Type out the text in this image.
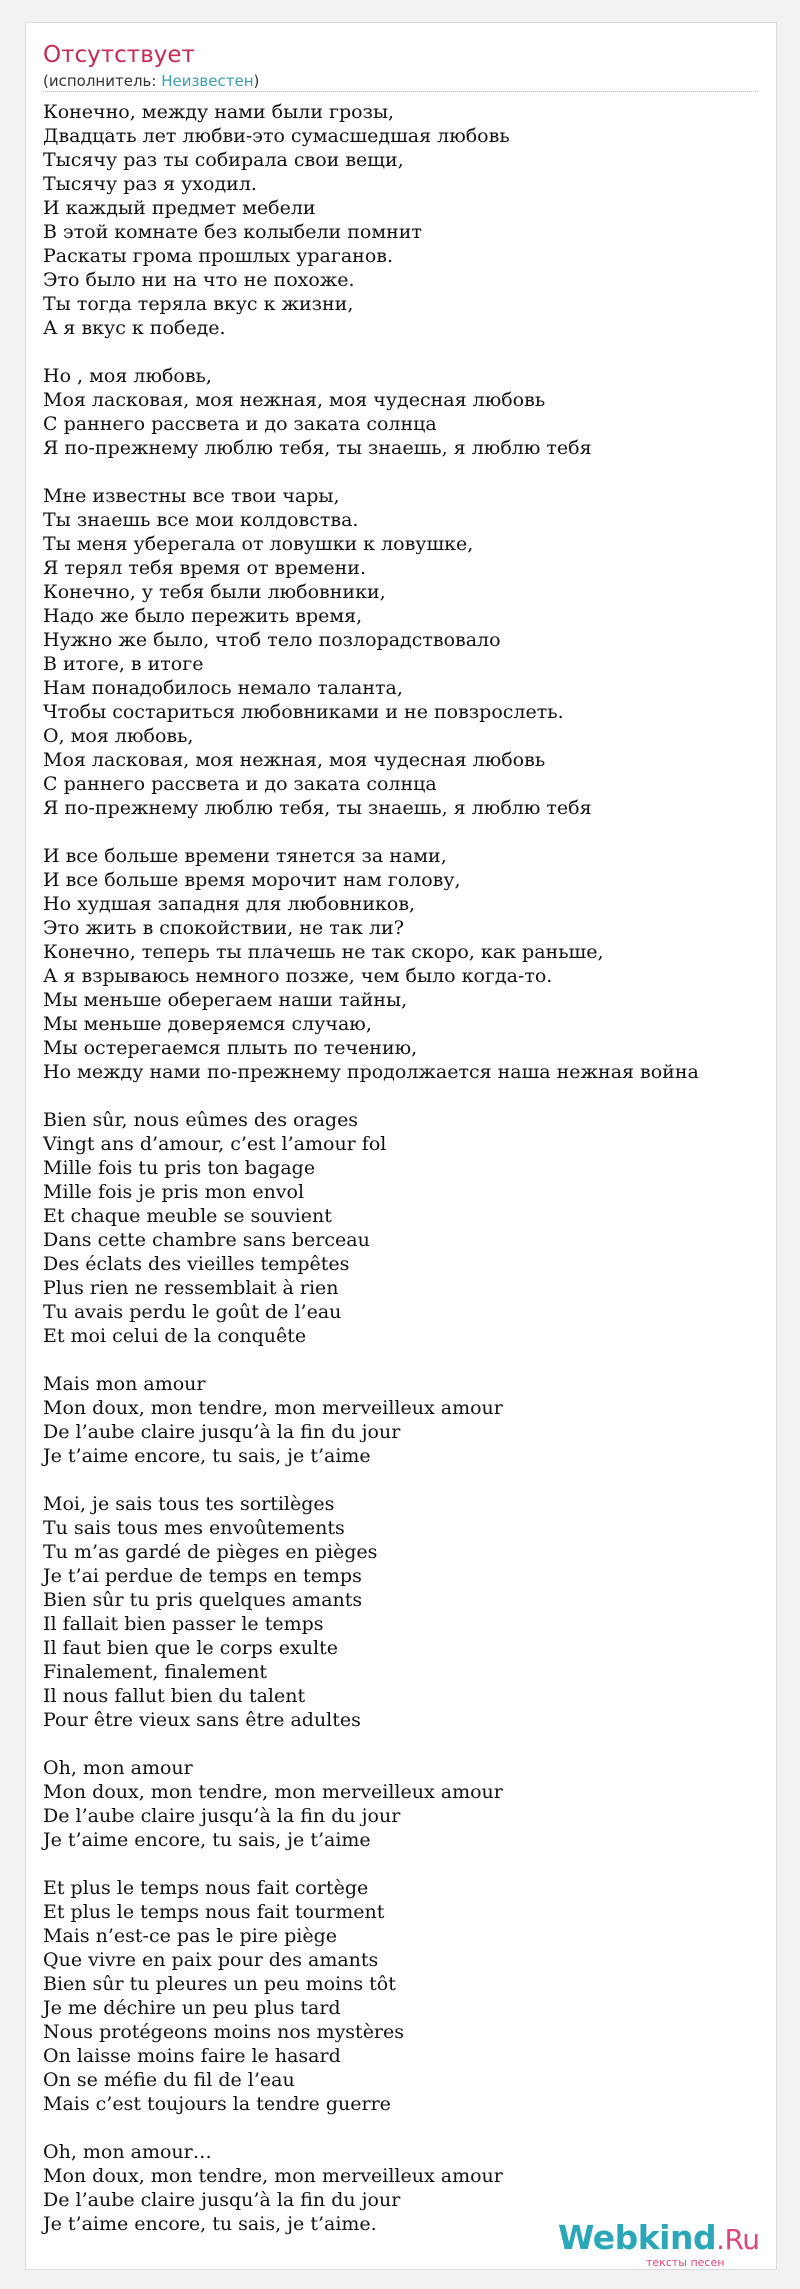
Отсутствует
(исполнитель: Неизвестен)
Конечно, между нами были грозы,
Двадцать лет любви-это сумасшедшая любовь
Тысячу раз ты собирала свои вещи,
Тысячу раз я уходил.
И каждый предмет мебели
В этой комнате без колыбели помнит
Раскаты грома прошлых ураганов.
Это было ни на что не похоже.
Ты тогда теряла вкус к жизни,
А я вкус к победе.
Но , моя любовь,
Моя ласковая, моя нежная, моя чудесная любовь
С раннего рассвета и до заката солнца
Я по-прежнему люблю тебя, ты знаешь, я люблю тебя
Мне известны все твои чары,
Ты знаешь все мои колдовства.
Ты меня уберегала от ловушки к ловушке,
Я терял тебя время от времени.
Конечно, у тебя были любовники,
Надо же было пережить время,
Нужно же было, чтоб тело позлорадствовало
В итоге, в итоге
Нам понадобилось немало таланта,
Чтобы состариться любовниками и не повзрослеть.
О, моя любовь,
Моя ласковая, моя нежная, моя чудесная любовь
С раннего рассвета и до заката солнца
Я по-прежнему люблю тебя, ты знаешь, я люблю тебя
И все больше времени тянется за нами,
И все больше время морочит нам голову,
Но худшая западня для любовников,
Это жить в спокойствии, не так ли?
Конечно, теперь ты плачешь не так скоро, как раньше,
А я взрываюсь немного позже, чем было когда-то.
Мы меньше оберегаем наши тайны,
Мы меньше доверяемся случаю,
Мы остерегаемся плыть по течению,
Но между нами по-прежнему продолжается наша нежная война
Bien sûr, nous eûmes des orages
Vingt ans d’amour, c’est l’amour fol
Mille fois tu pris ton bagage
Mille fois je pris mon envol
Et chaque meuble se souvient
Dans cette chambre sans berceau
Des éclats des vieilles tempêtes
Plus rien ne ressemblait à rien
Tu avais perdu le goût de l’eau
Et moi celui de la conquête
Mais mon amour
Mon doux, mon tendre, mon merveilleux amour
De l’aube claire jusqu’à la fin du jour
Je t’aime encore, tu sais, je t’aime
Moi, je sais tous tes sortilèges
Tu sais tous mes envoûtements
Tu m’as gardé de pièges en pièges
Je t’ai perdue de temps en temps
Bien sûr tu pris quelques amants
Il fallait bien passer le temps
Il faut bien que le corps exulte
Finalement, finalement
Il nous fallut bien du talent
Pour être vieux sans être adultes
Oh, mon amour
Mon doux, mon tendre, mon merveilleux amour
De l’aube claire jusqu’à la fin du jour
Je t’aime encore, tu sais, je t’aime
Et plus le temps nous fait cortège
Et plus le temps nous fait tourment
Mais n’est-ce pas le pire piège
Que vivre en paix pour des amants
Bien sûr tu pleures un peu moins tôt
Je me déchire un peu plus tard
Nous protégeons moins nos mystères
On laisse moins faire le hasard
On se méfie du fil de l’eau
Mais c’est toujours la tendre guerre
Oh, mon amour…
Mon doux, mon tendre, mon merveilleux amour
De l’aube claire jusqu’à la fin du jour
Je t’aime encore, tu sais, je t’aime.	Webkind.Ru
тексты песен
